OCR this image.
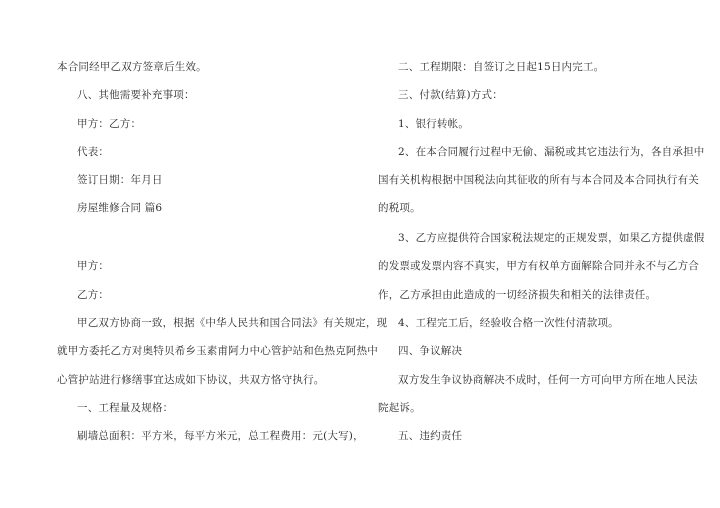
本合同经甲乙双方签章后生效。
八、其他需要补充事项：
甲方：乙方：
代表：
签订日期：年月日
房屋维修合同 篇6
甲方：
乙方：
甲乙双方协商一致，根据《中华人民共和国合同法》有关规定，现
就甲方委托乙方对奥特贝希乡玉素甫阿力中心管护站和色热克阿热中
心管护站进行修缮事宜达成如下协议，共双方恪守执行。
一、工程量及规格：
刷墙总面积：平方米，每平方米元，总工程费用：元(大写)，
二、工程期限：自签订之日起15日内完工。
三、付款(结算)方式：
1、银行转帐。
2、在本合同履行过程中无偷、漏税或其它违法行为，各自承担中
国有关机构根据中国税法向其征收的所有与本合同及本合同执行有关
的税项。
3、乙方应提供符合国家税法规定的正规发票，如果乙方提供虚假
的发票或发票内容不真实，甲方有权单方面解除合同并永不与乙方合
作，乙方承担由此造成的一切经济损失和相关的法律责任。
4、工程完工后，经验收合格一次性付清款项。
四、争议解决
双方发生争议协商解决不成时，任何一方可向甲方所在地人民法
院起诉。
五、违约责任
